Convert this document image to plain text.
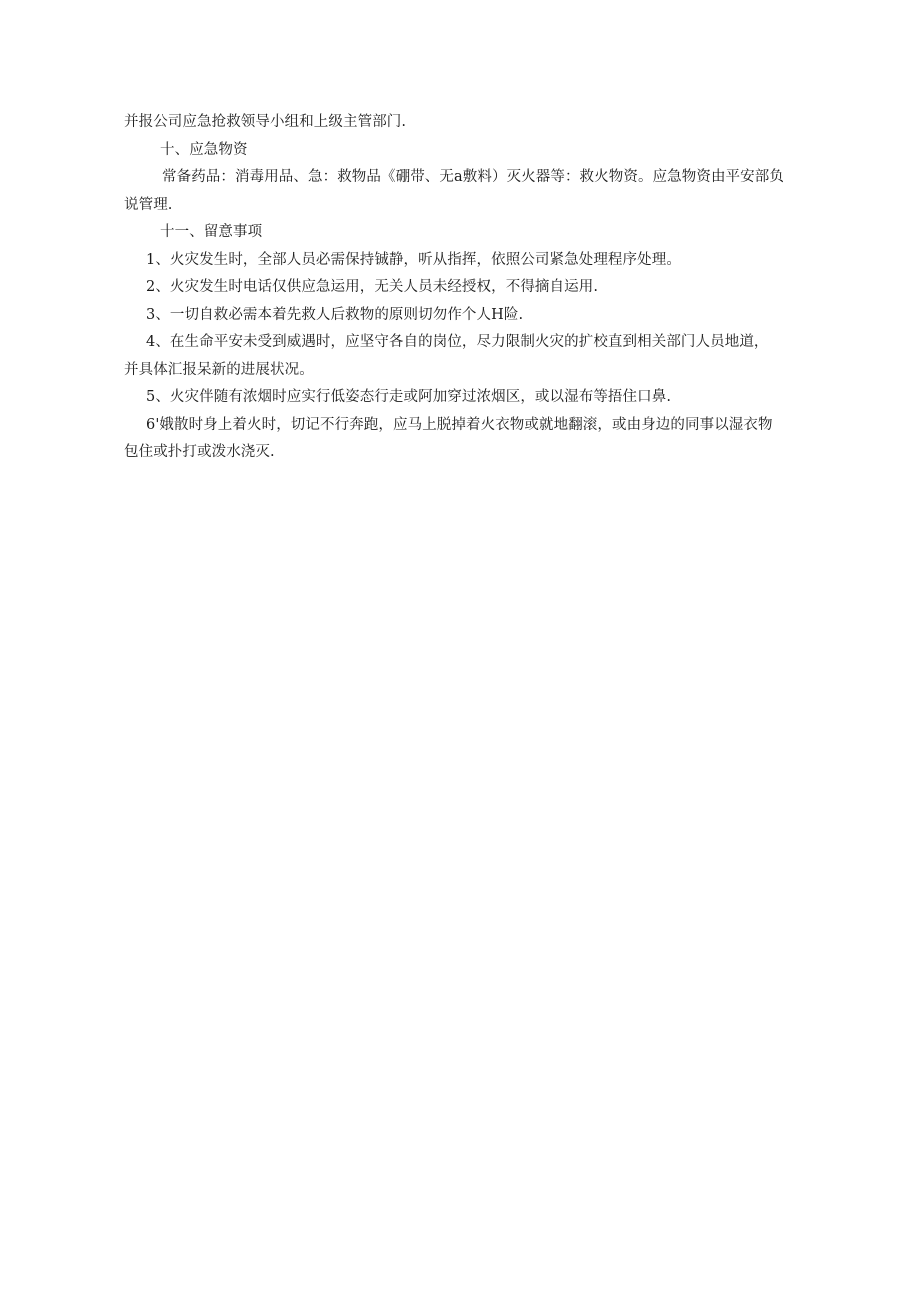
并报公司应急抢救领导小组和上级主管部门.
十、应急物资
常备药品：消毒用品、急：救物品《硼带、无a敷料）灭火器等：救火物资。应急物资由平安部负
说管理.
十一、留意事项
1、火灾发生时，全部人员必需保持铖静，听从指挥，依照公司紧急处理程序处理。
2、火灾发生时电话仅供应急运用，无关人员未经授权，不得摘自运用.
3、一切自救必需本着先救人后救物的原则切勿作个人H险.
4、在生命平安未受到威遇时，应坚守各自的岗位，尽力限制火灾的扩校直到相关部门人员地道，
并具体汇报呆新的进展状况。
5、火灾伴随有浓烟时应实行低姿态行走或阿加穿过浓烟区，或以湿布等捂住口鼻.
6'娥散时身上着火时，切记不行奔跑，应马上脱掉着火衣物或就地翻滚，或由身边的同事以湿衣物
包住或扑打或泼水浇灭.
